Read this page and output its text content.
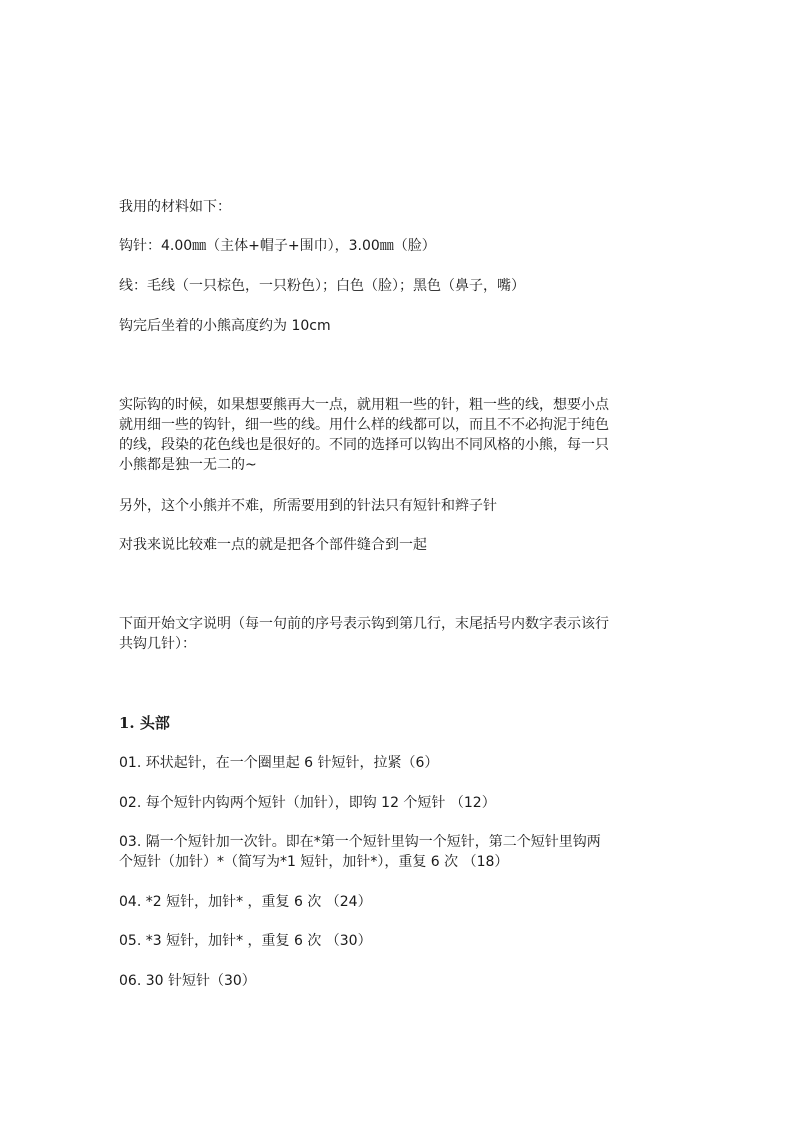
我用的材料如下：
钩针：4.00㎜（主体+帽子+围巾），3.00㎜（脸）
线：毛线（一只棕色，一只粉色）；白色（脸）；黑色（鼻子，嘴）
钩完后坐着的小熊高度约为 10cm
实际钩的时候，如果想要熊再大一点，就用粗一些的针，粗一些的线，想要小点
就用细一些的钩针，细一些的线。用什么样的线都可以，而且不不必拘泥于纯色
的线，段染的花色线也是很好的。不同的选择可以钩出不同风格的小熊，每一只
小熊都是独一无二的~
另外，这个小熊并不难，所需要用到的针法只有短针和辫子针
对我来说比较难一点的就是把各个部件缝合到一起
下面开始文字说明（每一句前的序号表示钩到第几行，末尾括号内数字表示该行
共钩几针）：
1. 头部
01. 环状起针，在一个圈里起 6 针短针，拉紧（6）
02. 每个短针内钩两个短针（加针），即钩 12 个短针 （12）
03. 隔一个短针加一次针。即在*第一个短针里钩一个短针，第二个短针里钩两
个短针（加针）*（简写为*1 短针，加针*），重复 6 次 （18）
04. *2 短针，加针* ，重复 6 次 （24）
05. *3 短针，加针* ，重复 6 次 （30）
06. 30 针短针（30）
